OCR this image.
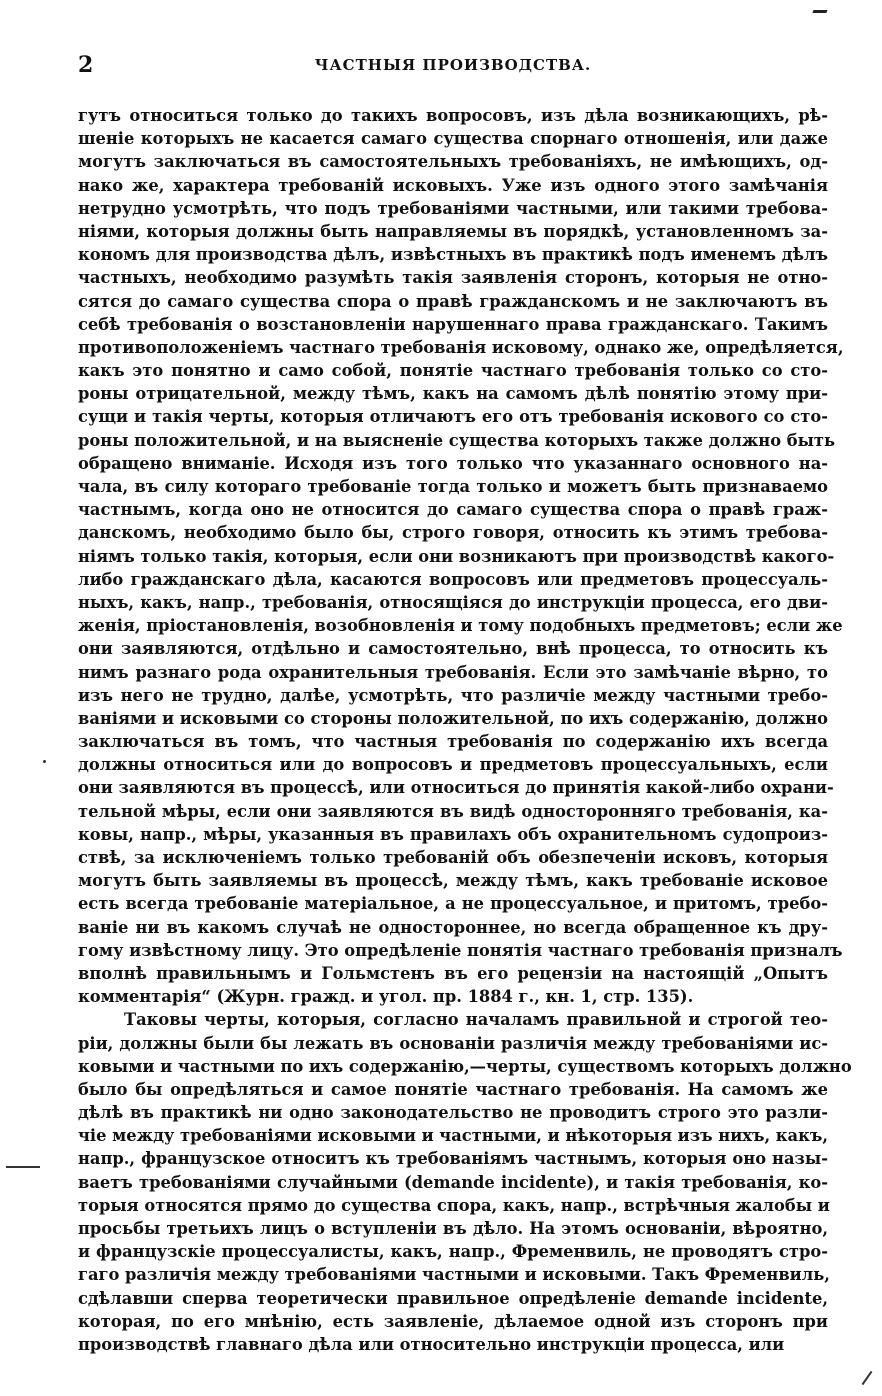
2	ЧАСТНЫЯ ПРОИЗВОДСТВА.
гутъ относиться только до такихъ вопросовъ, изъ дѣла возникающихъ, рѣ-
шеніе которыхъ не касается самаго существа спорнаго отношенія, или даже
могутъ заключаться въ самостоятельныхъ требованіяхъ, не имѣющихъ, од-
нако же, характера требованій исковыхъ. Уже изъ одного этого замѣчанія
нетрудно усмотрѣть, что подъ требованіями частными, или такими требова-
ніями, которыя должны быть направляемы въ порядкѣ, установленномъ за-
кономъ для производства дѣлъ, извѣстныхъ въ практикѣ подъ именемъ дѣлъ
частныхъ, необходимо разумѣть такія заявленія сторонъ, которыя не отно-
сятся до самаго существа спора о правѣ гражданскомъ и не заключаютъ въ
себѣ требованія о возстановленіи нарушеннаго права гражданскаго. Такимъ
противоположеніемъ частнаго требованія исковому, однако же, опредѣляется,
какъ это понятно и само собой, понятіе частнаго требованія только со сто-
роны отрицательной, между тѣмъ, какъ на самомъ дѣлѣ понятію этому при-
сущи и такія черты, которыя отличаютъ его отъ требованія искового со сто-
роны положительной, и на выясненіе существа которыхъ также должно быть
обращено вниманіе. Исходя изъ того только что указаннаго основного на-
чала, въ силу котораго требованіе тогда только и можетъ быть признаваемо
частнымъ, когда оно не относится до самаго существа спора о правѣ граж-
данскомъ, необходимо было бы, строго говоря, относить къ этимъ требова-
ніямъ только такія, которыя, если они возникаютъ при производствѣ какого-
либо гражданскаго дѣла, касаются вопросовъ или предметовъ процессуаль-
ныхъ, какъ, напр., требованія, относящіяся до инструкціи процесса, его дви-
женія, пріостановленія, возобновленія и тому подобныхъ предметовъ; если же
они заявляются, отдѣльно и самостоятельно, внѣ процесса, то относить къ
нимъ разнаго рода охранительныя требованія. Если это замѣчаніе вѣрно, то
изъ него не трудно, далѣе, усмотрѣть, что различіе между частными требо-
ваніями и исковыми со стороны положительной, по ихъ содержанію, должно
заключаться въ томъ, что частныя требованія по содержанію ихъ всегда
должны относиться или до вопросовъ и предметовъ процессуальныхъ, если
они заявляются въ процессѣ, или относиться до принятія какой-либо охрани-
тельной мѣры, если они заявляются въ видѣ односторонняго требованія, ка-
ковы, напр., мѣры, указанныя въ правилахъ объ охранительномъ судопроиз-
ствѣ, за исключеніемъ только требованій объ обезпеченіи исковъ, которыя
могутъ быть заявляемы въ процессѣ, между тѣмъ, какъ требованіе исковое
есть всегда требованіе матеріальное, а не процессуальное, и притомъ, требо-
ваніе ни въ какомъ случаѣ не одностороннее, но всегда обращенное къ дру-
гому извѣстному лицу. Это опредѣленіе понятія частнаго требованія призналъ
вполнѣ правильнымъ и Гольмстенъ въ его рецензіи на настоящій „Опытъ
комментарія“ (Журн. гражд. и угол. пр. 1884 г., кн. 1, стр. 135).
Таковы черты, которыя, согласно началамъ правильной и строгой тео-
ріи, должны были бы лежать въ основаніи различія между требованіями ис-
ковыми и частными по ихъ содержанію,—черты, существомъ которыхъ должно
было бы опредѣляться и самое понятіе частнаго требованія. На самомъ же
дѣлѣ въ практикѣ ни одно законодательство не проводитъ строго это разли-
чіе между требованіями исковыми и частными, и нѣкоторыя изъ нихъ, какъ,
напр., французское относитъ къ требованіямъ частнымъ, которыя оно назы-
ваетъ требованіями случайными (demande incidente), и такія требованія, ко-
торыя относятся прямо до существа спора, какъ, напр., встрѣчныя жалобы и
просьбы третьихъ лицъ о вступленіи въ дѣло. На этомъ основаніи, вѣроятно,
и французскіе процессуалисты, какъ, напр., Фременвиль, не проводятъ стро-
гаго различія между требованіями частными и исковыми. Такъ Фременвиль,
сдѣлавши сперва теоретически правильное опредѣленіе demande incidente,
которая, по его мнѣнію, есть заявленіе, дѣлаемое одной изъ сторонъ при
производствѣ главнаго дѣла или относительно инструкціи процесса, или
